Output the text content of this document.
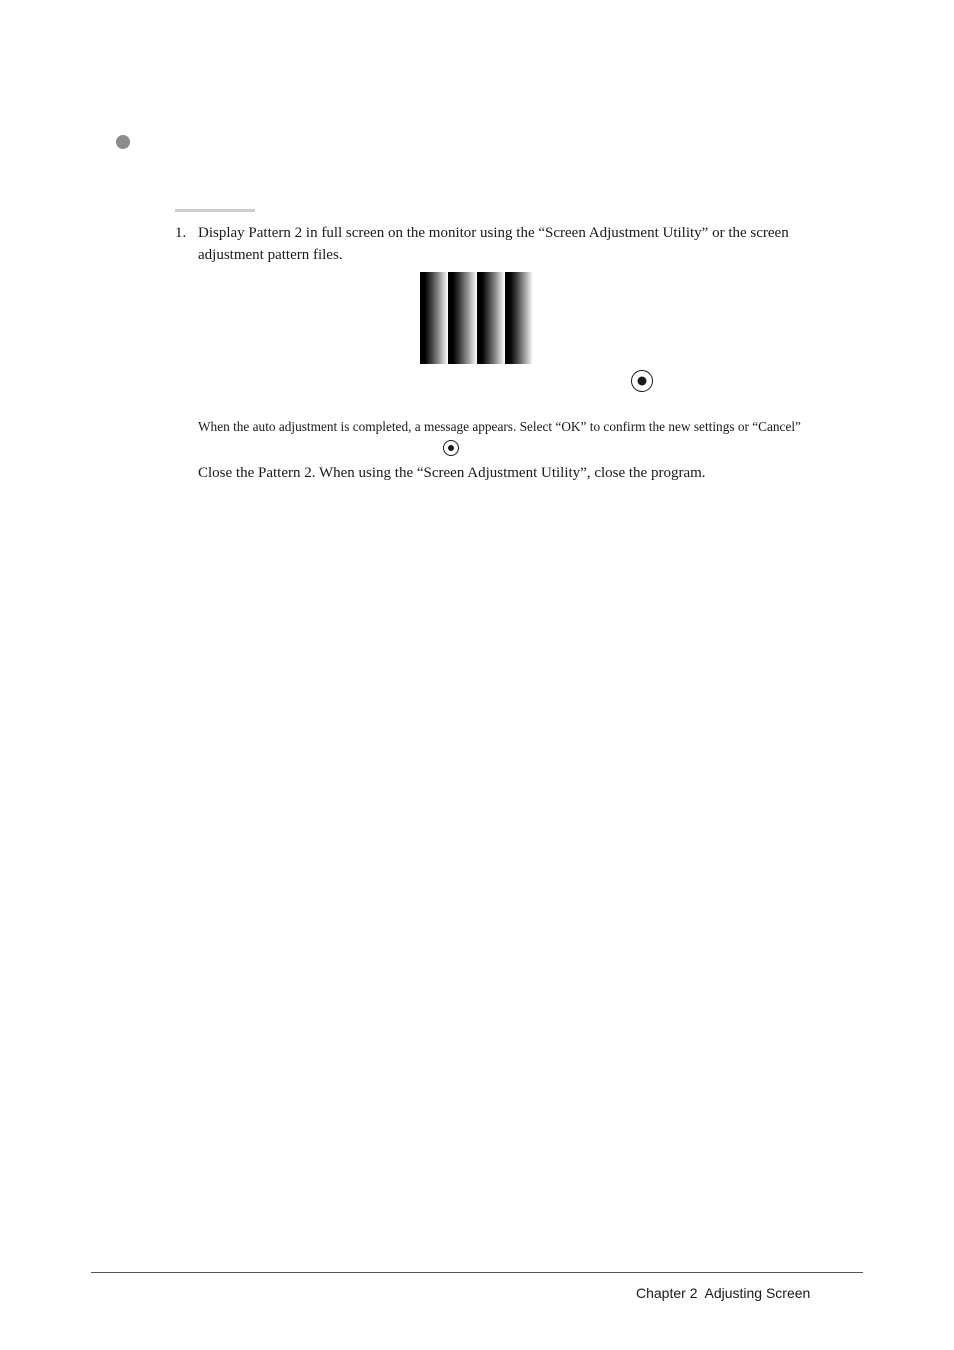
1. Display Pattern 2 in full screen on the monitor using the “Screen Adjustment Utility” or the screen adjustment pattern files.
When the auto adjustment is completed, a message appears. Select “OK” to confirm the new settings or “Cancel”
Close the Pattern 2. When using the “Screen Adjustment Utility”, close the program.
Chapter 2  Adjusting Screen
